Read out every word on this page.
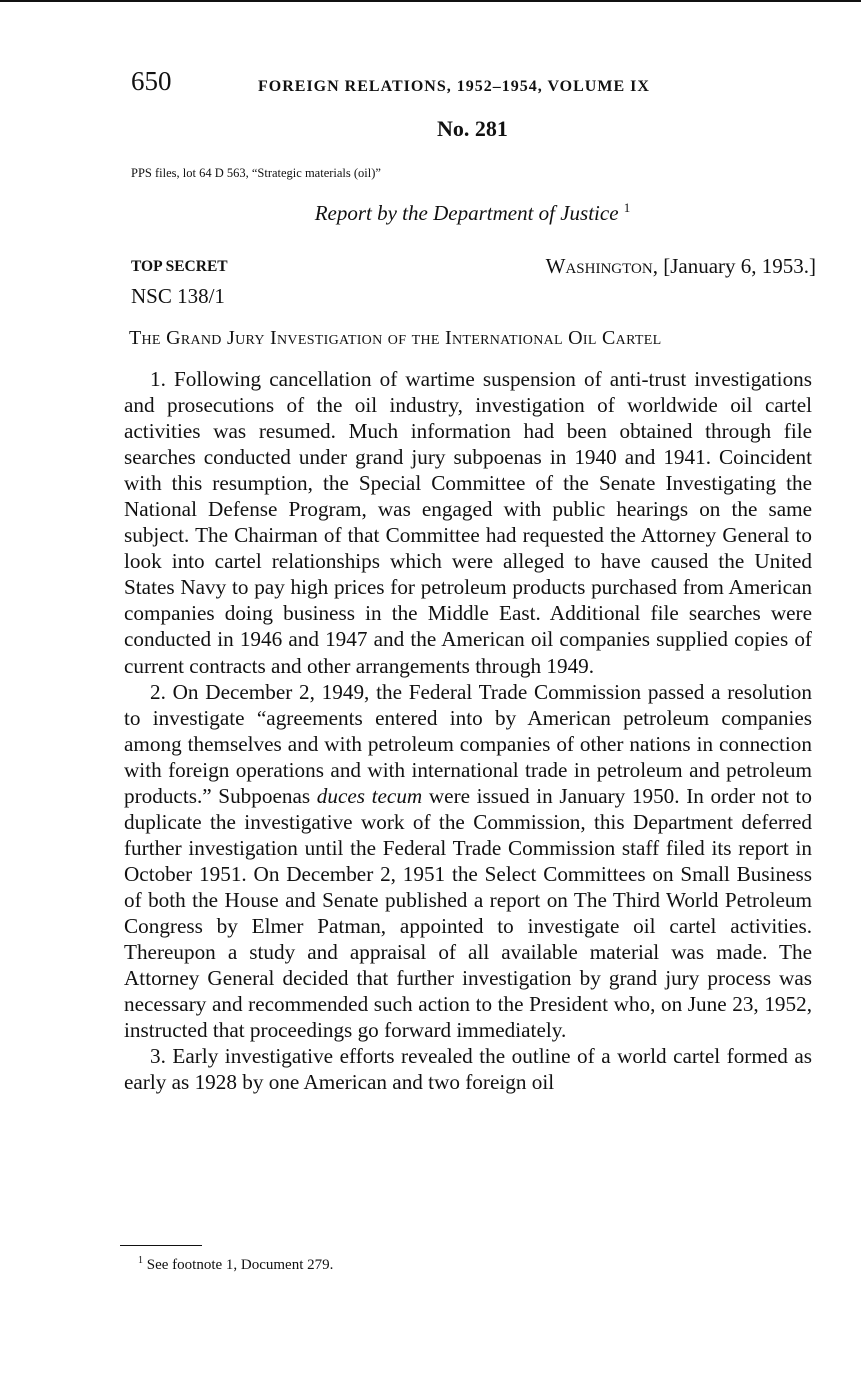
650	FOREIGN RELATIONS, 1952–1954, VOLUME IX
No. 281
PPS files, lot 64 D 563, “Strategic materials (oil)”
Report by the Department of Justice $^1$
TOP SECRET	Washington, [January 6, 1953.]
NSC 138/1
The Grand Jury Investigation of the International Oil Cartel

1. Following cancellation of wartime suspension of anti-trust investigations and prosecutions of the oil industry, investigation of worldwide oil cartel activities was resumed. Much information had been obtained through file searches conducted under grand jury subpoenas in 1940 and 1941. Coincident with this resumption, the Special Committee of the Senate Investigating the National Defense Program, was engaged with public hearings on the same subject. The Chairman of that Committee had requested the Attorney General to look into cartel relationships which were alleged to have caused the United States Navy to pay high prices for petroleum products purchased from American companies doing business in the Middle East. Additional file searches were conducted in 1946 and 1947 and the American oil companies supplied copies of current contracts and other arrangements through 1949.

2. On December 2, 1949, the Federal Trade Commission passed a resolution to investigate “agreements entered into by American petroleum companies among themselves and with petroleum companies of other nations in connection with foreign operations and with international trade in petroleum and petroleum products.” Subpoenas duces tecum were issued in January 1950. In order not to duplicate the investigative work of the Commission, this Department deferred further investigation until the Federal Trade Commission staff filed its report in October 1951. On December 2, 1951 the Select Committees on Small Business of both the House and Senate published a report on The Third World Petroleum Congress by Elmer Patman, appointed to investigate oil cartel activities. Thereupon a study and appraisal of all available material was made. The Attorney General decided that further investigation by grand jury process was necessary and recommended such action to the President who, on June 23, 1952, instructed that proceedings go forward immediately.

3. Early investigative efforts revealed the outline of a world cartel formed as early as 1928 by one American and two foreign oil

$^1$ See footnote 1, Document 279.
